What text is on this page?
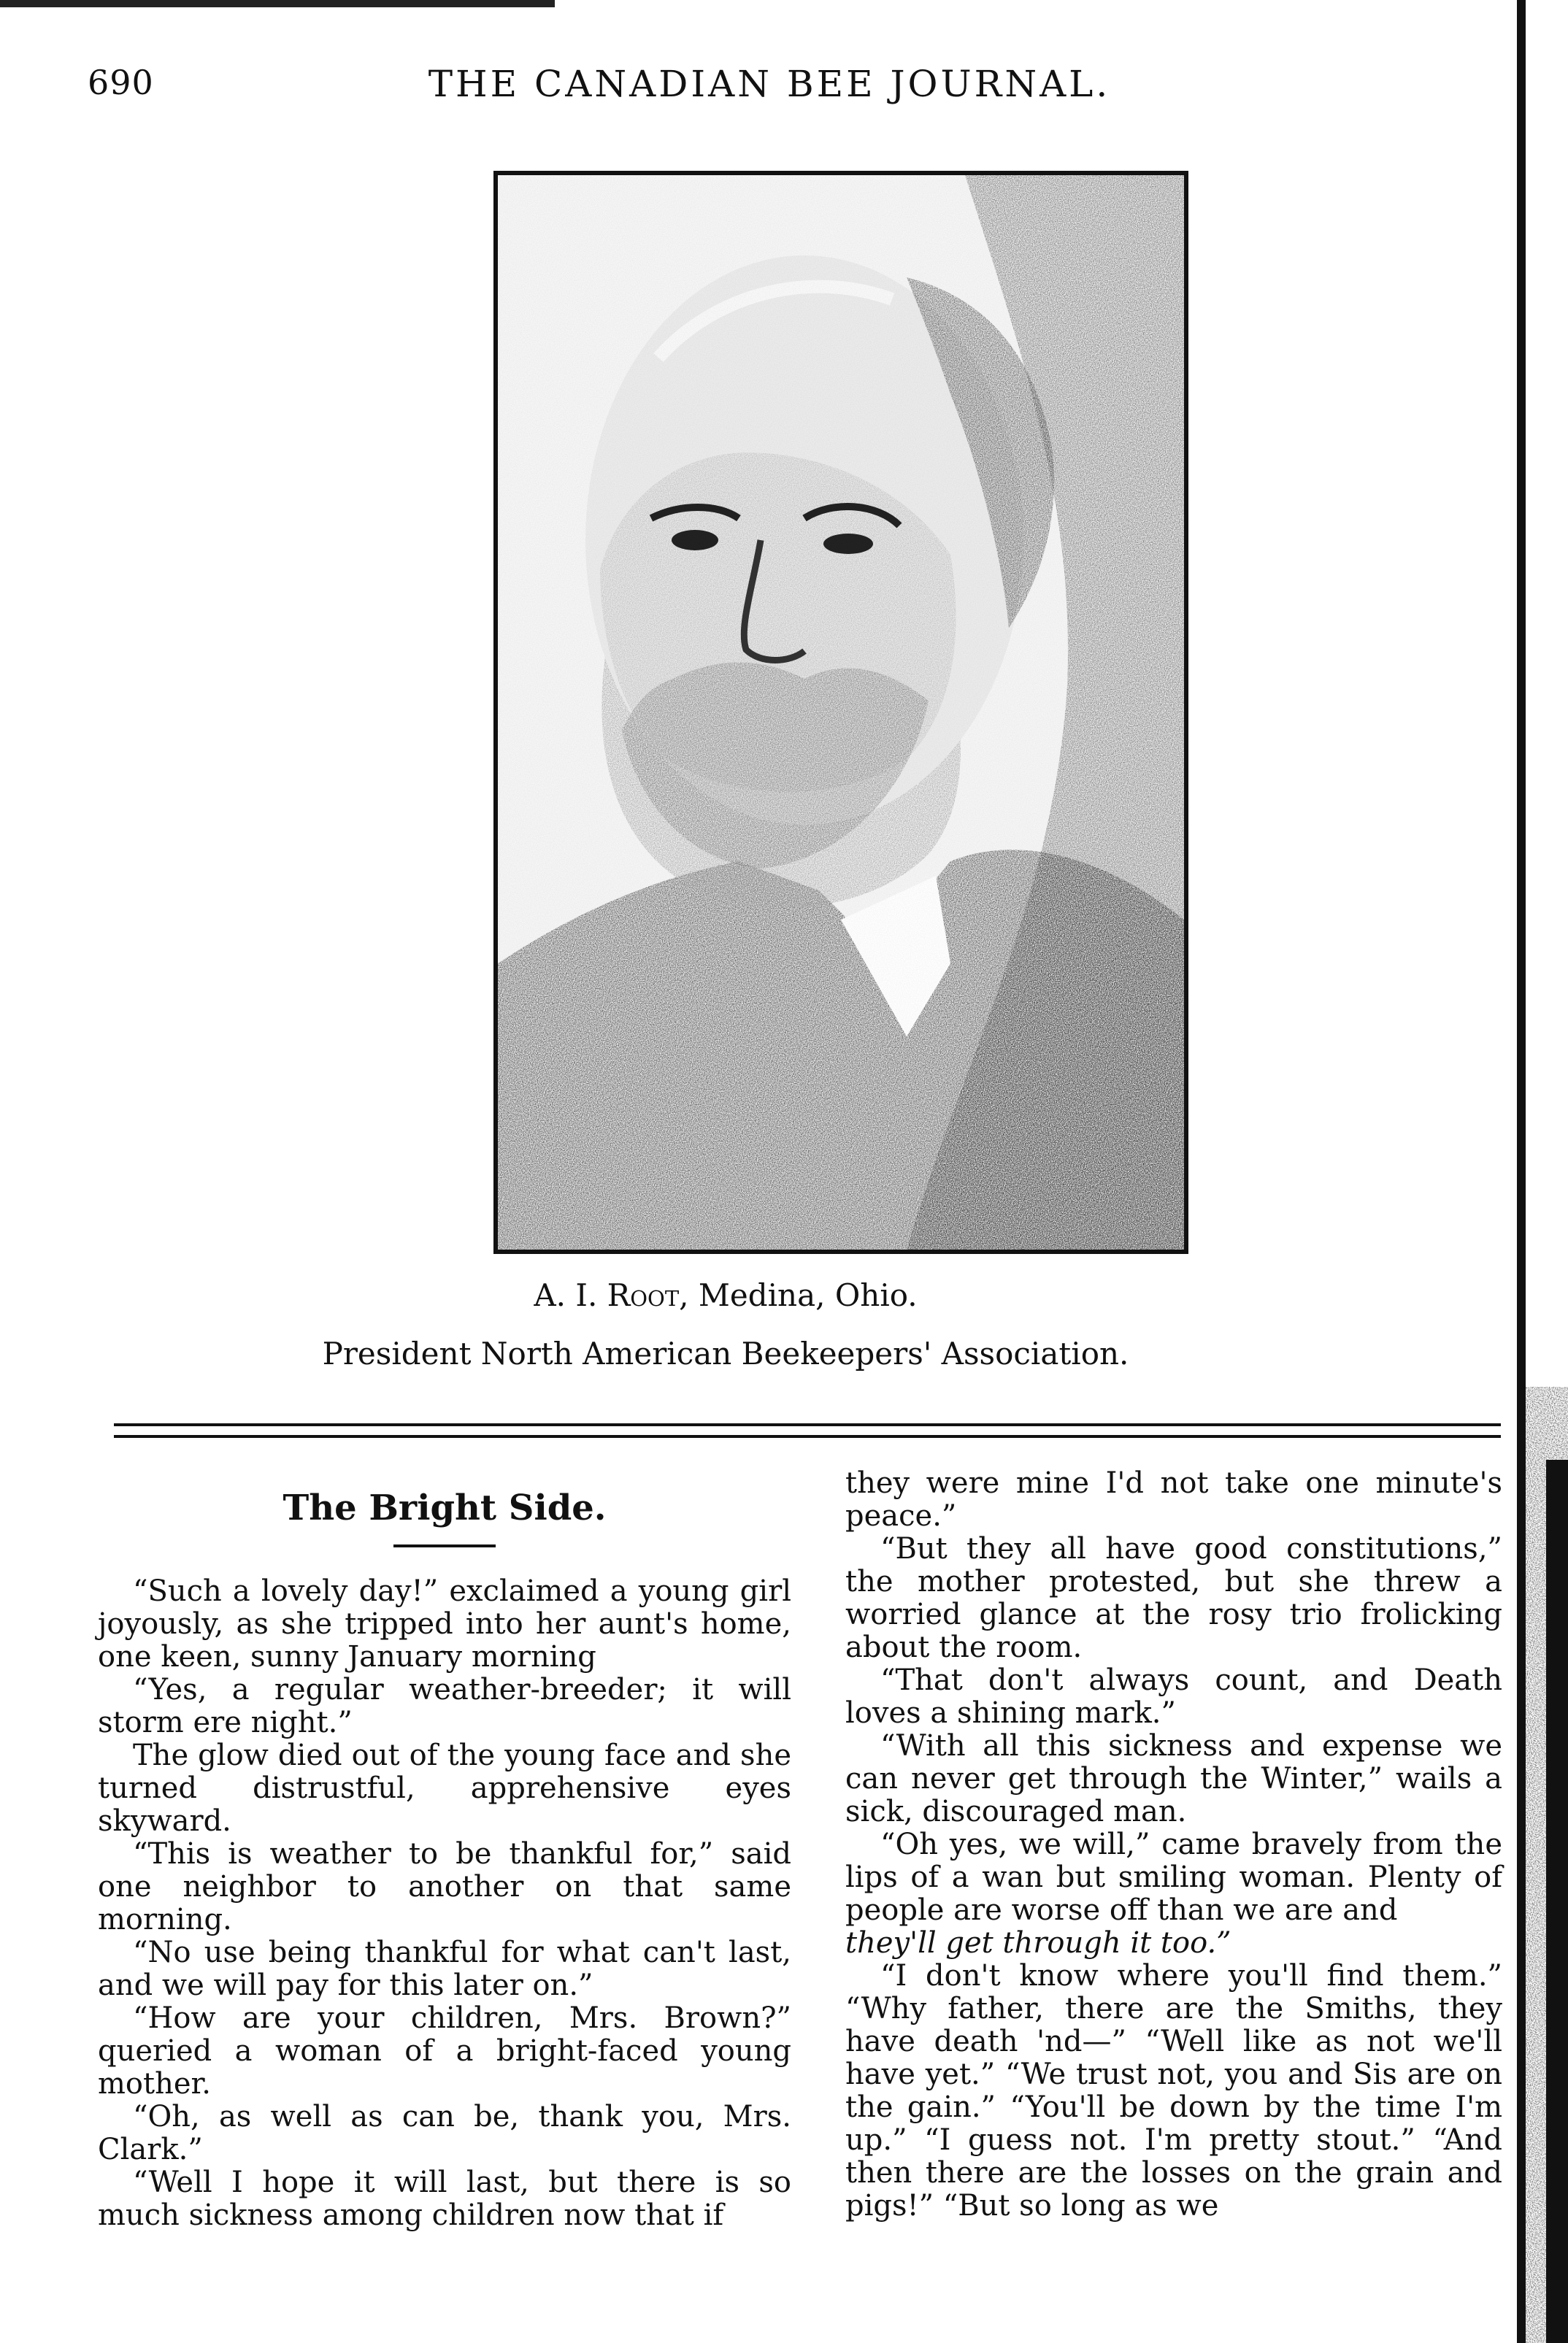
690	THE CANADIAN BEE JOURNAL.
A. I. Root, Medina, Ohio.
President North American Beekeepers' Association.
The Bright Side.

“Such a lovely day!” exclaimed a young girl joyously, as she tripped into her aunt's home, one keen, sunny January morning

“Yes, a regular weather-breeder; it will storm ere night.”

The glow died out of the young face and she turned distrustful, apprehensive eyes skyward.

“This is weather to be thankful for,” said one neighbor to another on that same morning.

“No use being thankful for what can't last, and we will pay for this later on.”

“How are your children, Mrs. Brown?” queried a woman of a bright-faced young mother.

“Oh, as well as can be, thank you, Mrs. Clark.”

“Well I hope it will last, but there is so much sickness among children now that if

they were mine I'd not take one minute's peace.”

“But they all have good constitutions,” the mother protested, but she threw a worried glance at the rosy trio frolicking about the room.

“That don't always count, and Death loves a shining mark.”

“With all this sickness and expense we can never get through the Winter,” wails a sick, discouraged man.

“Oh yes, we will,” came bravely from the lips of a wan but smiling woman. Plenty of people are worse off than we are and

they'll get through it too.”

“I don't know where you'll find them.” “Why father, there are the Smiths, they have death 'nd—” “Well like as not we'll have yet.” “We trust not, you and Sis are on the gain.” “You'll be down by the time I'm up.” “I guess not. I'm pretty stout.” “And then there are the losses on the grain and pigs!” “But so long as we
